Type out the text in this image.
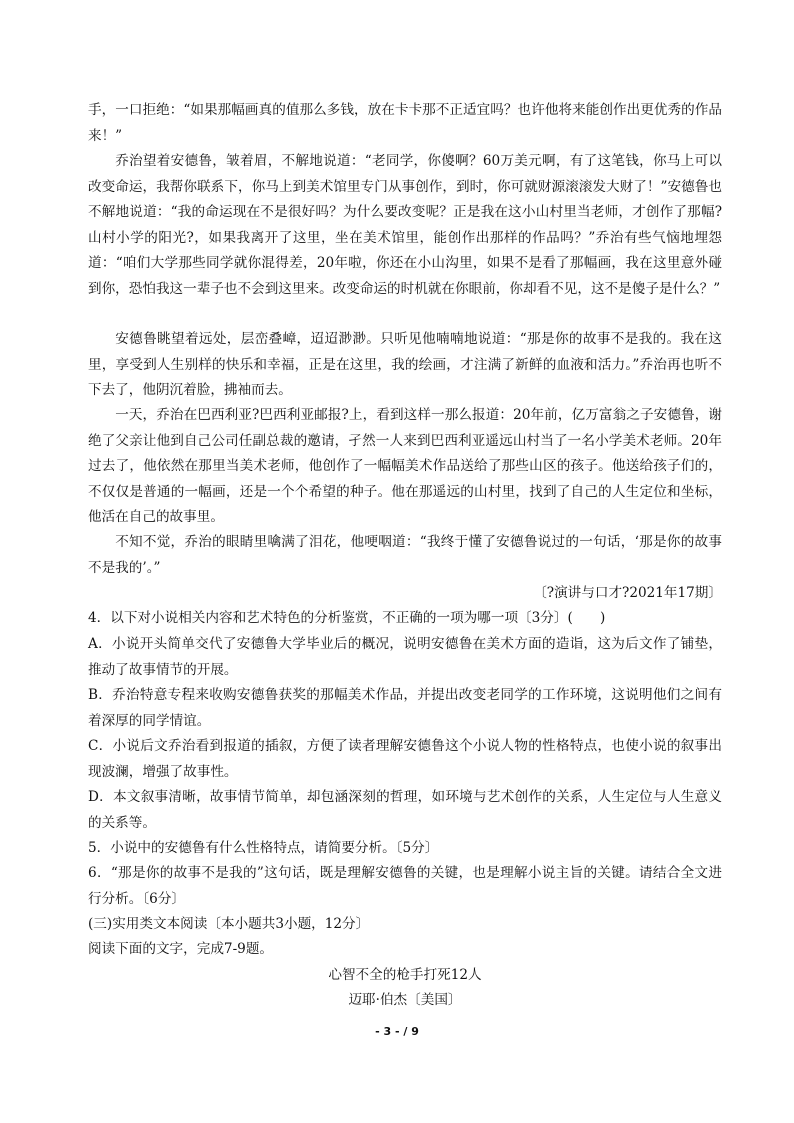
手，一口拒绝：“如果那幅画真的值那么多钱，放在卡卡那不正适宜吗？也许他将来能创作出更优秀的作品来！”

乔治望着安德鲁，皱着眉，不解地说道：“老同学，你傻啊？60万美元啊，有了这笔钱，你马上可以改变命运，我帮你联系下，你马上到美术馆里专门从事创作，到时，你可就财源滚滚发大财了！”安德鲁也不解地说道：“我的命运现在不是很好吗？为什么要改变呢？正是我在这小山村里当老师，才创作了那幅?山村小学的阳光?，如果我离开了这里，坐在美术馆里，能创作出那样的作品吗？”乔治有些气恼地埋怨道：“咱们大学那些同学就你混得差，20年啦，你还在小山沟里，如果不是看了那幅画，我在这里意外碰到你，恐怕我这一辈子也不会到这里来。改变命运的时机就在你眼前，你却看不见，这不是傻子是什么？”

安德鲁眺望着远处，层峦叠嶂，迢迢渺渺。只听见他喃喃地说道：“那是你的故事不是我的。我在这里，享受到人生别样的快乐和幸福，正是在这里，我的绘画，才注满了新鲜的血液和活力。”乔治再也听不下去了，他阴沉着脸，拂袖而去。

一天，乔治在巴西利亚?巴西利亚邮报?上，看到这样一那么报道：20年前，亿万富翁之子安德鲁，谢绝了父亲让他到自己公司任副总裁的邀请，孑然一人来到巴西利亚遥远山村当了一名小学美术老师。20年过去了，他依然在那里当美术老师，他创作了一幅幅美术作品送给了那些山区的孩子。他送给孩子们的，不仅仅是普通的一幅画，还是一个个希望的种子。他在那遥远的山村里，找到了自己的人生定位和坐标，他活在自己的故事里。

不知不觉，乔治的眼睛里噙满了泪花，他哽咽道：“我终于懂了安德鲁说过的一句话，‘那是你的故事不是我的’。”

〔?演讲与口才?2021年17期〕

4．以下对小说相关内容和艺术特色的分析鉴赏，不正确的一项为哪一项〔3分〕(　　)

A．小说开头简单交代了安德鲁大学毕业后的概况，说明安德鲁在美术方面的造诣，这为后文作了铺垫，推动了故事情节的开展。

B．乔治特意专程来收购安德鲁获奖的那幅美术作品，并提出改变老同学的工作环境，这说明他们之间有着深厚的同学情谊。

C．小说后文乔治看到报道的插叙，方便了读者理解安德鲁这个小说人物的性格特点，也使小说的叙事出现波澜，增强了故事性。

D．本文叙事清晰，故事情节简单，却包涵深刻的哲理，如环境与艺术创作的关系，人生定位与人生意义的关系等。

5．小说中的安德鲁有什么性格特点，请简要分析。〔5分〕

6．“那是你的故事不是我的”这句话，既是理解安德鲁的关键，也是理解小说主旨的关键。请结合全文进行分析。〔6分〕

(三)实用类文本阅读〔本小题共3小题，12分〕

阅读下面的文字，完成7-9题。

心智不全的枪手打死12人

迈耶·伯杰〔美国〕

- 3 - / 9
